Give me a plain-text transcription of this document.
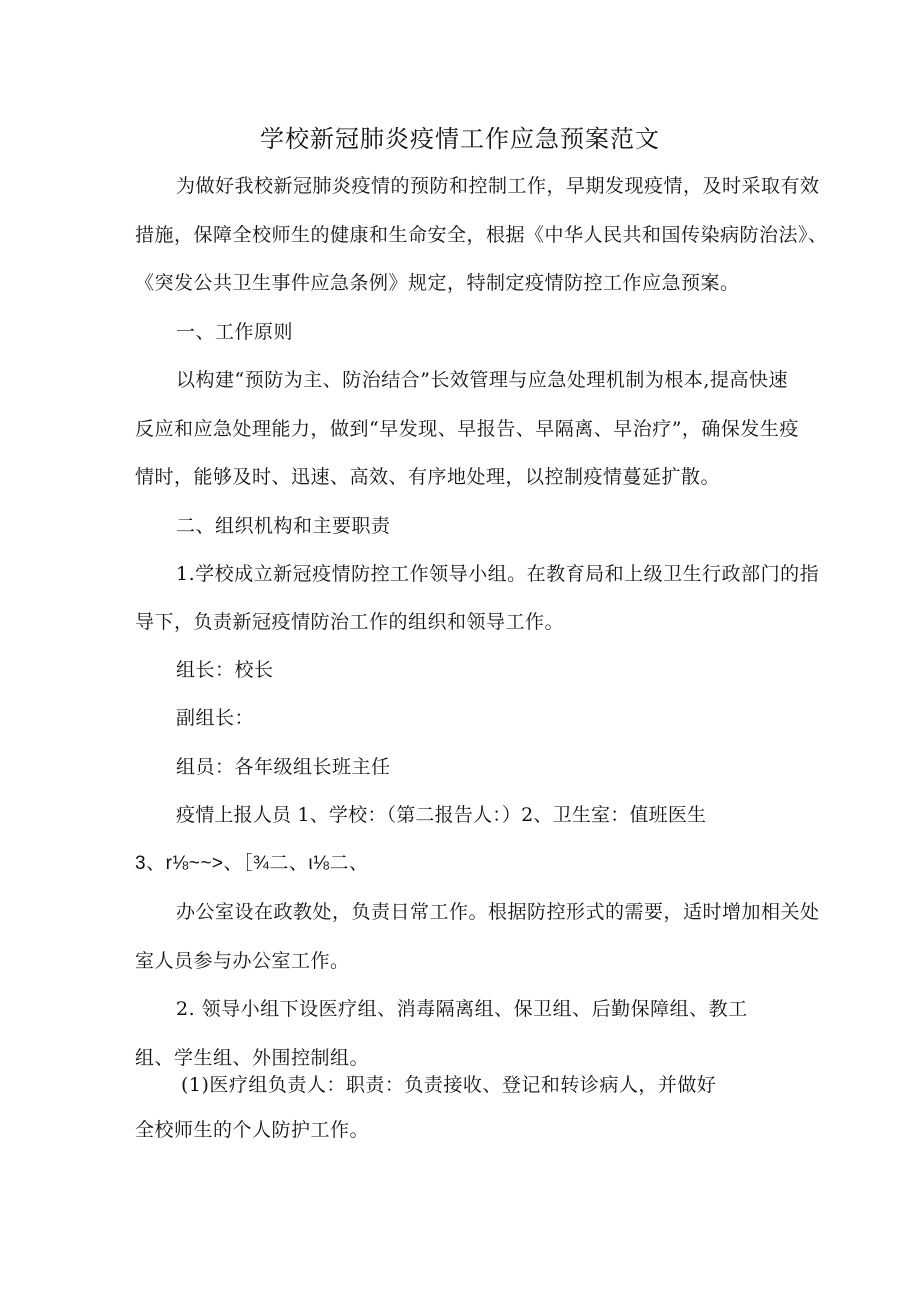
学校新冠肺炎疫情工作应急预案范文
为做好我校新冠肺炎疫情的预防和控制工作，早期发现疫情，及时采取有效
措施，保障全校师生的健康和生命安全，根据《中华人民共和国传染病防治法》、
《突发公共卫生事件应急条例》规定，特制定疫情防控工作应急预案。
一、工作原则
以构建“预防为主、防治结合”长效管理与应急处理机制为根本,提高快速
反应和应急处理能力，做到“早发现、早报告、早隔离、早治疗”，确保发生疫
情时，能够及时、迅速、高效、有序地处理，以控制疫情蔓延扩散。
二、组织机构和主要职责
1.学校成立新冠疫情防控工作领导小组。在教育局和上级卫生行政部门的指
导下，负责新冠疫情防治工作的组织和领导工作。
组长：校长
副组长：
组员：各年级组长班主任
疫情上报人员 1、学校：（第二报告人：）2、卫生室：值班医生
3、r⅛~~>、［¾二、ι⅛二、
办公室设在政教处，负责日常工作。根据防控形式的需要，适时增加相关处
室人员参与办公室工作。
2. 领导小组下设医疗组、消毒隔离组、保卫组、后勤保障组、教工
组、学生组、外围控制组。
(1)医疗组负责人：职责：负责接收、登记和转诊病人，并做好
全校师生的个人防护工作。
